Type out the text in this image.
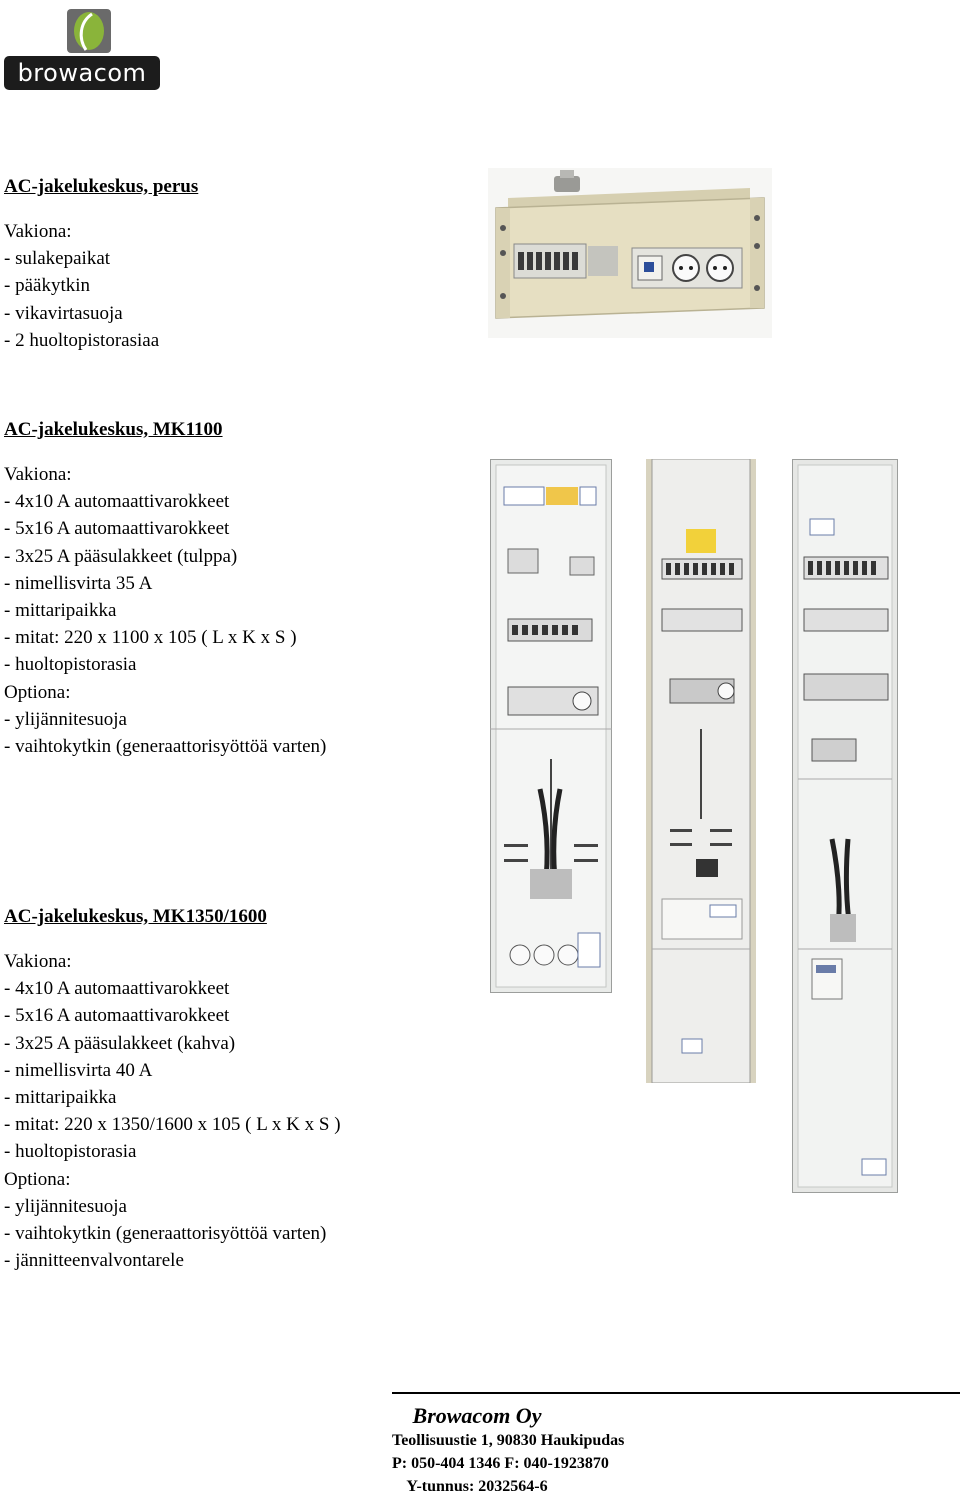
browacom
AC-jakelukeskus, perus
Vakiona:
- sulakepaikat
- pääkytkin
- vikavirtasuoja
- 2 huoltopistorasiaa
AC-jakelukeskus, MK1100
Vakiona:
- 4x10 A automaattivarokkeet
- 5x16 A automaattivarokkeet
- 3x25 A pääsulakkeet (tulppa)
- nimellisvirta 35 A
- mittaripaikka
- mitat: 220 x 1100 x 105 ( L x K x S )
- huoltopistorasia
Optiona:
- ylijännitesuoja
- vaihtokytkin (generaattorisyöttöä varten)
AC-jakelukeskus, MK1350/1600
Vakiona:
- 4x10 A automaattivarokkeet
- 5x16 A automaattivarokkeet
- 3x25 A pääsulakkeet (kahva)
- nimellisvirta 40 A
- mittaripaikka
- mitat: 220 x 1350/1600 x 105 ( L x K x S )
- huoltopistorasia
Optiona:
- ylijännitesuoja
- vaihtokytkin (generaattorisyöttöä varten)
- jännitteenvalvontarele
Browacom Oy
Teollisuustie 1, 90830 Haukipudas
P: 050-404 1346 F: 040-1923870
Y-tunnus: 2032564-6
